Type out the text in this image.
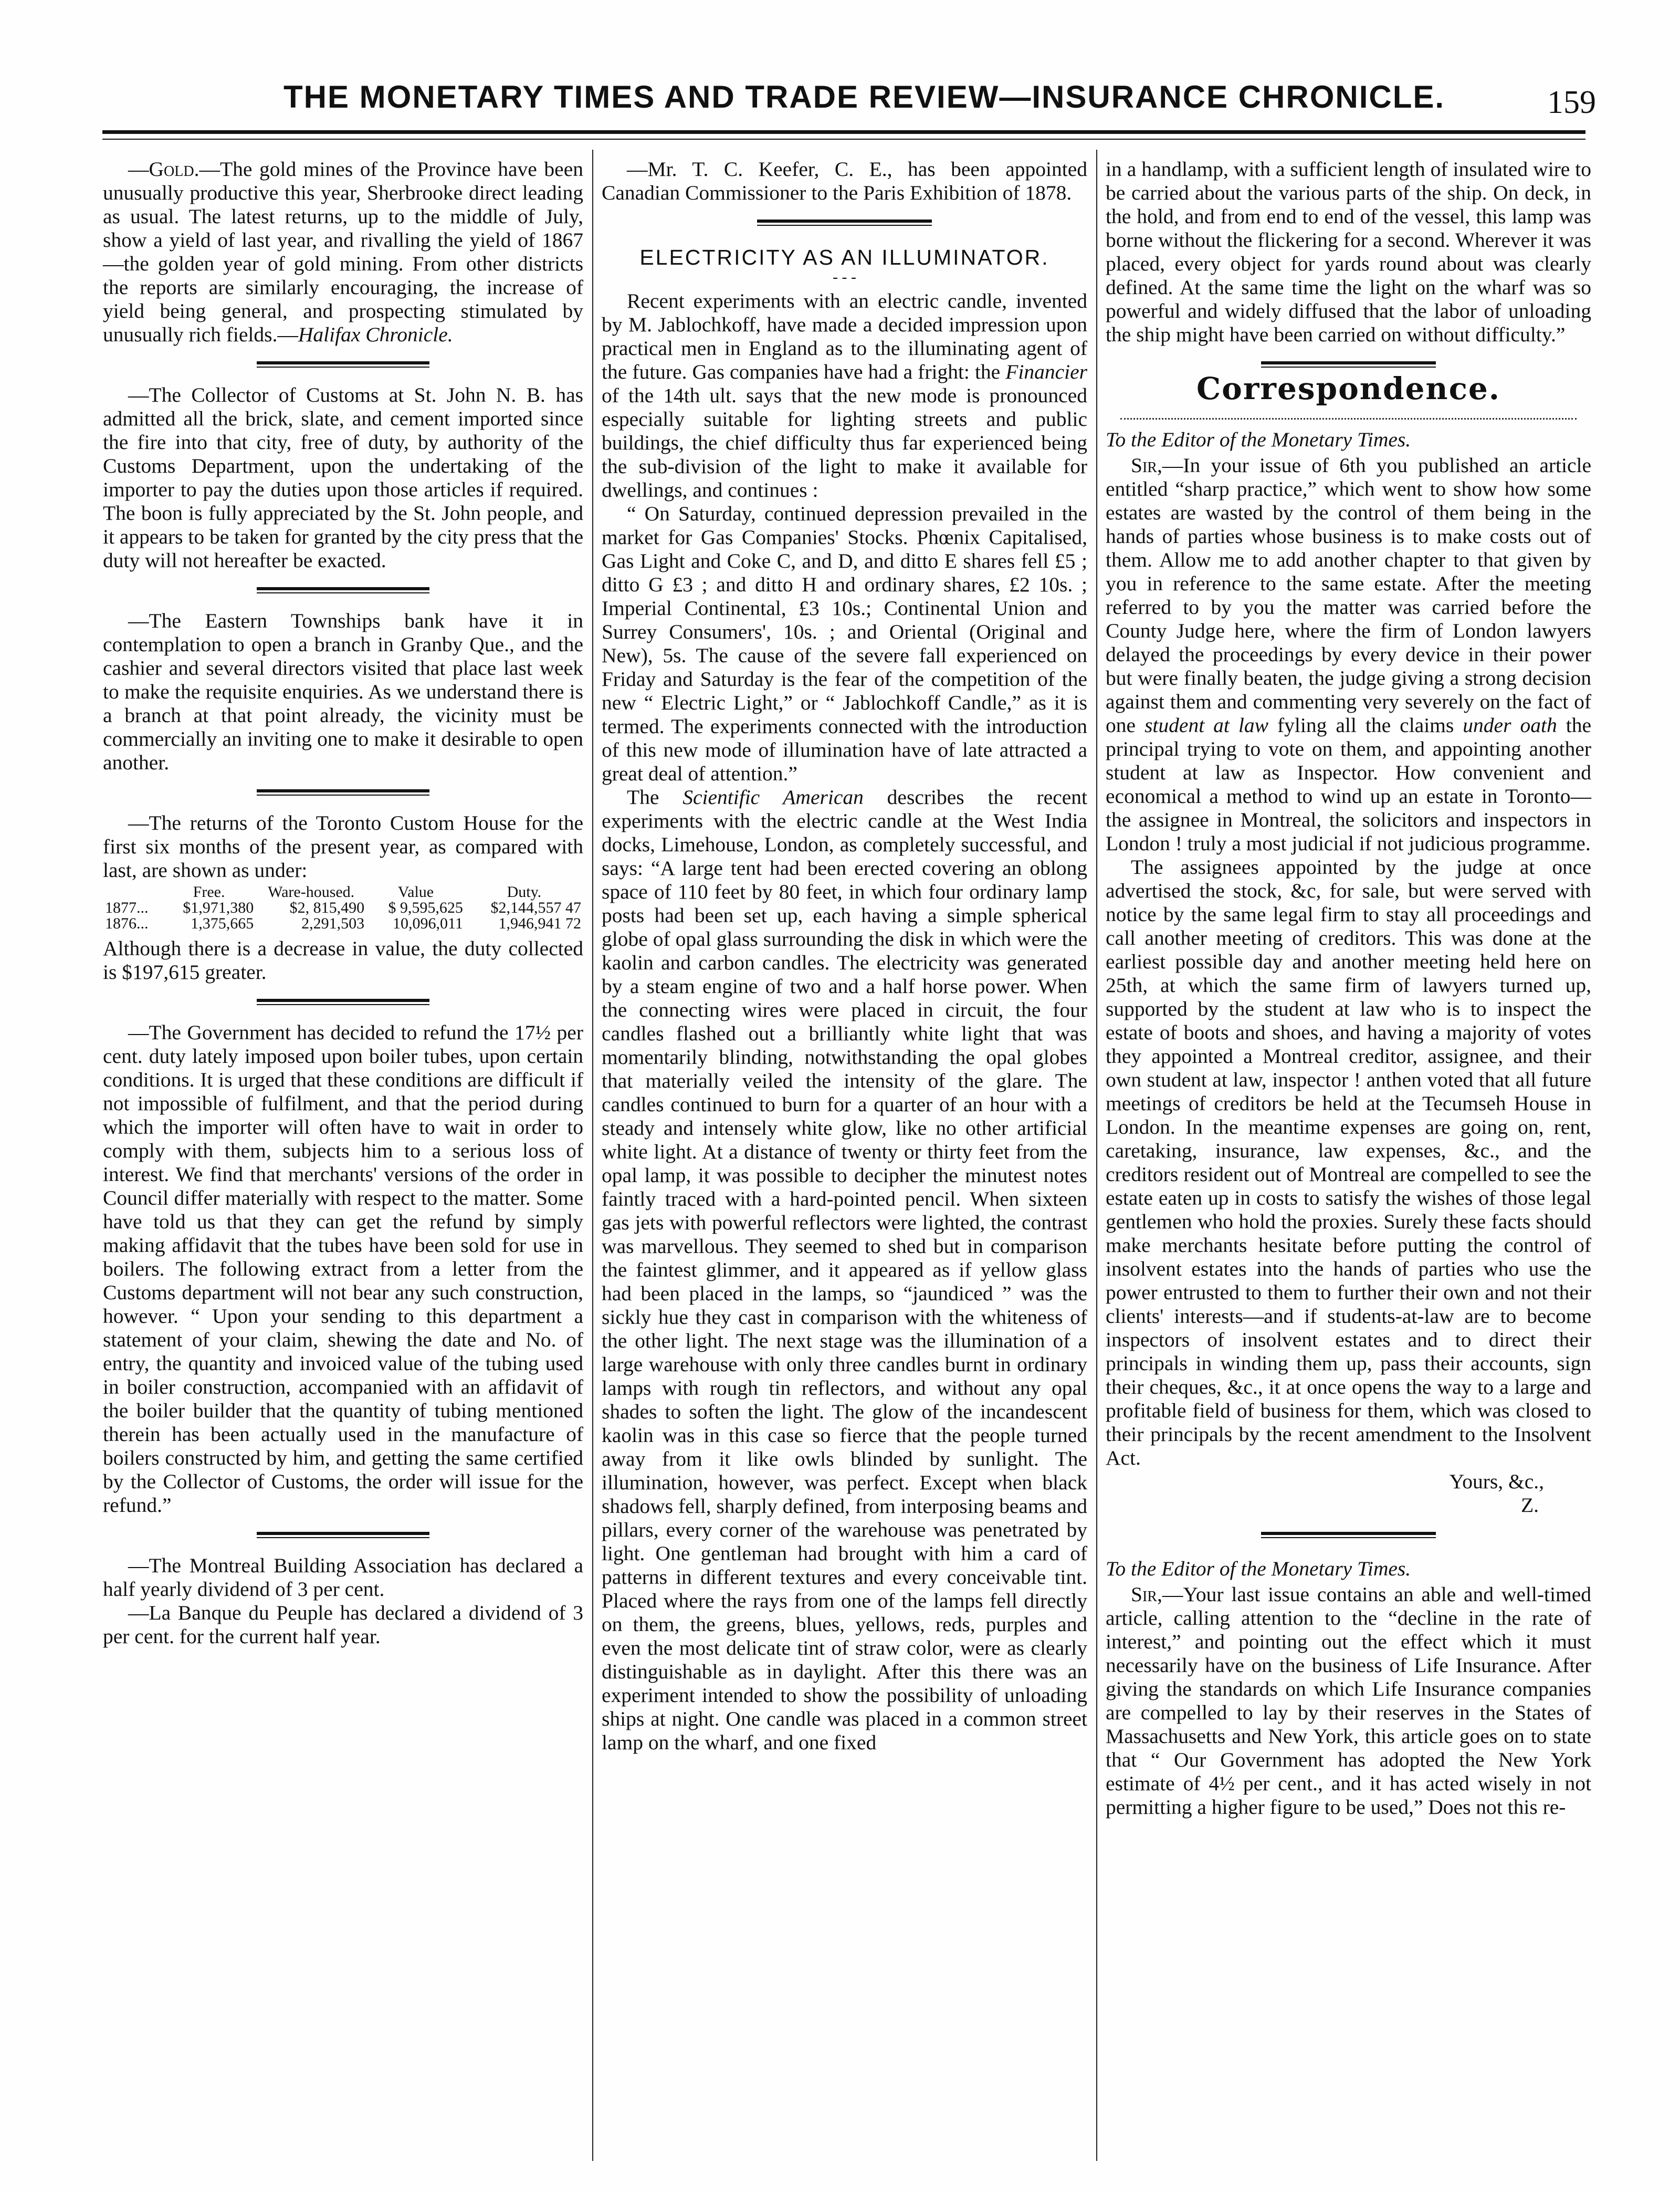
THE MONETARY TIMES AND TRADE REVIEW—INSURANCE CHRONICLE.	159

—Gold.—The gold mines of the Province have been unusually productive this year, Sherbrooke direct leading as usual. The latest returns, up to the middle of July, show a yield of last year, and rivalling the yield of 1867—the golden year of gold mining. From other districts the reports are similarly encouraging, the increase of yield being general, and prospecting stimulated by unusually rich fields.—Halifax Chronicle.

—The Collector of Customs at St. John N. B. has admitted all the brick, slate, and cement imported since the fire into that city, free of duty, by authority of the Customs Department, upon the undertaking of the importer to pay the duties upon those articles if required. The boon is fully appreciated by the St. John people, and it appears to be taken for granted by the city press that the duty will not hereafter be exacted.

—The Eastern Townships bank have it in contemplation to open a branch in Granby Que., and the cashier and several directors visited that place last week to make the requisite enquiries. As we understand there is a branch at that point already, the vicinity must be commercially an inviting one to make it desirable to open another.

—The returns of the Toronto Custom House for the first six months of the present year, as compared with last, are shown as under:

	Free.	Ware-housed.	Value	Duty.
1877...	$1,971,380	$2, 815,490	$ 9,595,625	$2,144,557 47
1876...	1,375,665	2,291,503	10,096,011	1,946,941 72

Although there is a decrease in value, the duty collected is $197,615 greater.

—The Government has decided to refund the 17½ per cent. duty lately imposed upon boiler tubes, upon certain conditions. It is urged that these conditions are difficult if not impossible of fulfilment, and that the period during which the importer will often have to wait in order to comply with them, subjects him to a serious loss of interest. We find that merchants' versions of the order in Council differ materially with respect to the matter. Some have told us that they can get the refund by simply making affidavit that the tubes have been sold for use in boilers. The following extract from a letter from the Customs department will not bear any such construction, however. “ Upon your sending to this department a statement of your claim, shewing the date and No. of entry, the quantity and invoiced value of the tubing used in boiler construction, accompanied with an affidavit of the boiler builder that the quantity of tubing mentioned therein has been actually used in the manufacture of boilers constructed by him, and getting the same certified by the Collector of Customs, the order will issue for the refund.”

—The Montreal Building Association has declared a half yearly dividend of 3 per cent.

—La Banque du Peuple has declared a dividend of 3 per cent. for the current half year.

—Mr. T. C. Keefer, C. E., has been appointed Canadian Commissioner to the Paris Exhibition of 1878.

ELECTRICITY AS AN ILLUMINATOR.
- - -

Recent experiments with an electric candle, invented by M. Jablochkoff, have made a decided impression upon practical men in England as to the illuminating agent of the future. Gas companies have had a fright: the Financier of the 14th ult. says that the new mode is pronounced especially suitable for lighting streets and public buildings, the chief difficulty thus far experienced being the sub-division of the light to make it available for dwellings, and continues :

“ On Saturday, continued depression prevailed in the market for Gas Companies' Stocks. Phœnix Capitalised, Gas Light and Coke C, and D, and ditto E shares fell £5 ; ditto G £3 ; and ditto H and ordinary shares, £2 10s. ; Imperial Continental, £3 10s.; Continental Union and Surrey Consumers', 10s. ; and Oriental (Original and New), 5s. The cause of the severe fall experienced on Friday and Saturday is the fear of the competition of the new “ Electric Light,” or “ Jablochkoff Candle,” as it is termed. The experiments connected with the introduction of this new mode of illumination have of late attracted a great deal of attention.”

The Scientific American describes the recent experiments with the electric candle at the West India docks, Limehouse, London, as completely successful, and says: “A large tent had been erected covering an oblong space of 110 feet by 80 feet, in which four ordinary lamp posts had been set up, each having a simple spherical globe of opal glass surrounding the disk in which were the kaolin and carbon candles. The electricity was generated by a steam engine of two and a half horse power. When the connecting wires were placed in circuit, the four candles flashed out a brilliantly white light that was momentarily blinding, notwithstanding the opal globes that materially veiled the intensity of the glare. The candles continued to burn for a quarter of an hour with a steady and intensely white glow, like no other artificial white light. At a distance of twenty or thirty feet from the opal lamp, it was possible to decipher the minutest notes faintly traced with a hard-pointed pencil. When sixteen gas jets with powerful reflectors were lighted, the contrast was marvellous. They seemed to shed but in comparison the faintest glimmer, and it appeared as if yellow glass had been placed in the lamps, so “jaundiced ” was the sickly hue they cast in comparison with the whiteness of the other light. The next stage was the illumination of a large warehouse with only three candles burnt in ordinary lamps with rough tin reflectors, and without any opal shades to soften the light. The glow of the incandescent kaolin was in this case so fierce that the people turned away from it like owls blinded by sunlight. The illumination, however, was perfect. Except when black shadows fell, sharply defined, from interposing beams and pillars, every corner of the warehouse was penetrated by light. One gentleman had brought with him a card of patterns in different textures and every conceivable tint. Placed where the rays from one of the lamps fell directly on them, the greens, blues, yellows, reds, purples and even the most delicate tint of straw color, were as clearly distinguishable as in daylight. After this there was an experiment intended to show the possibility of unloading ships at night. One candle was placed in a common street lamp on the wharf, and one fixed

in a handlamp, with a sufficient length of insulated wire to be carried about the various parts of the ship. On deck, in the hold, and from end to end of the vessel, this lamp was borne without the flickering for a second. Wherever it was placed, every object for yards round about was clearly defined. At the same time the light on the wharf was so powerful and widely diffused that the labor of unloading the ship might have been carried on without difficulty.”

Correspondence.

To the Editor of the Monetary Times.

Sir,—In your issue of 6th you published an article entitled “sharp practice,” which went to show how some estates are wasted by the control of them being in the hands of parties whose business is to make costs out of them. Allow me to add another chapter to that given by you in reference to the same estate. After the meeting referred to by you the matter was carried before the County Judge here, where the firm of London lawyers delayed the proceedings by every device in their power but were finally beaten, the judge giving a strong decision against them and commenting very severely on the fact of one student at law fyling all the claims under oath the principal trying to vote on them, and appointing another student at law as Inspector. How convenient and economical a method to wind up an estate in Toronto—the assignee in Montreal, the solicitors and inspectors in London ! truly a most judicial if not judicious programme.

The assignees appointed by the judge at once advertised the stock, &c, for sale, but were served with notice by the same legal firm to stay all proceedings and call another meeting of creditors. This was done at the earliest possible day and another meeting held here on 25th, at which the same firm of lawyers turned up, supported by the student at law who is to inspect the estate of boots and shoes, and having a majority of votes they appointed a Montreal creditor, assignee, and their own student at law, inspector ! anthen voted that all future meetings of creditors be held at the Tecumseh House in London. In the meantime expenses are going on, rent, caretaking, insurance, law expenses, &c., and the creditors resident out of Montreal are compelled to see the estate eaten up in costs to satisfy the wishes of those legal gentlemen who hold the proxies. Surely these facts should make merchants hesitate before putting the control of insolvent estates into the hands of parties who use the power entrusted to them to further their own and not their clients' interests—and if students-at-law are to become inspectors of insolvent estates and to direct their principals in winding them up, pass their accounts, sign their cheques, &c., it at once opens the way to a large and profitable field of business for them, which was closed to their principals by the recent amendment to the Insolvent Act.

Yours, &c.,

Z.

To the Editor of the Monetary Times.

Sir,—Your last issue contains an able and well-timed article, calling attention to the “decline in the rate of interest,” and pointing out the effect which it must necessarily have on the business of Life Insurance. After giving the standards on which Life Insurance companies are compelled to lay by their reserves in the States of Massachusetts and New York, this article goes on to state that “ Our Government has adopted the New York estimate of 4½ per cent., and it has acted wisely in not permitting a higher figure to be used,” Does not this re-
